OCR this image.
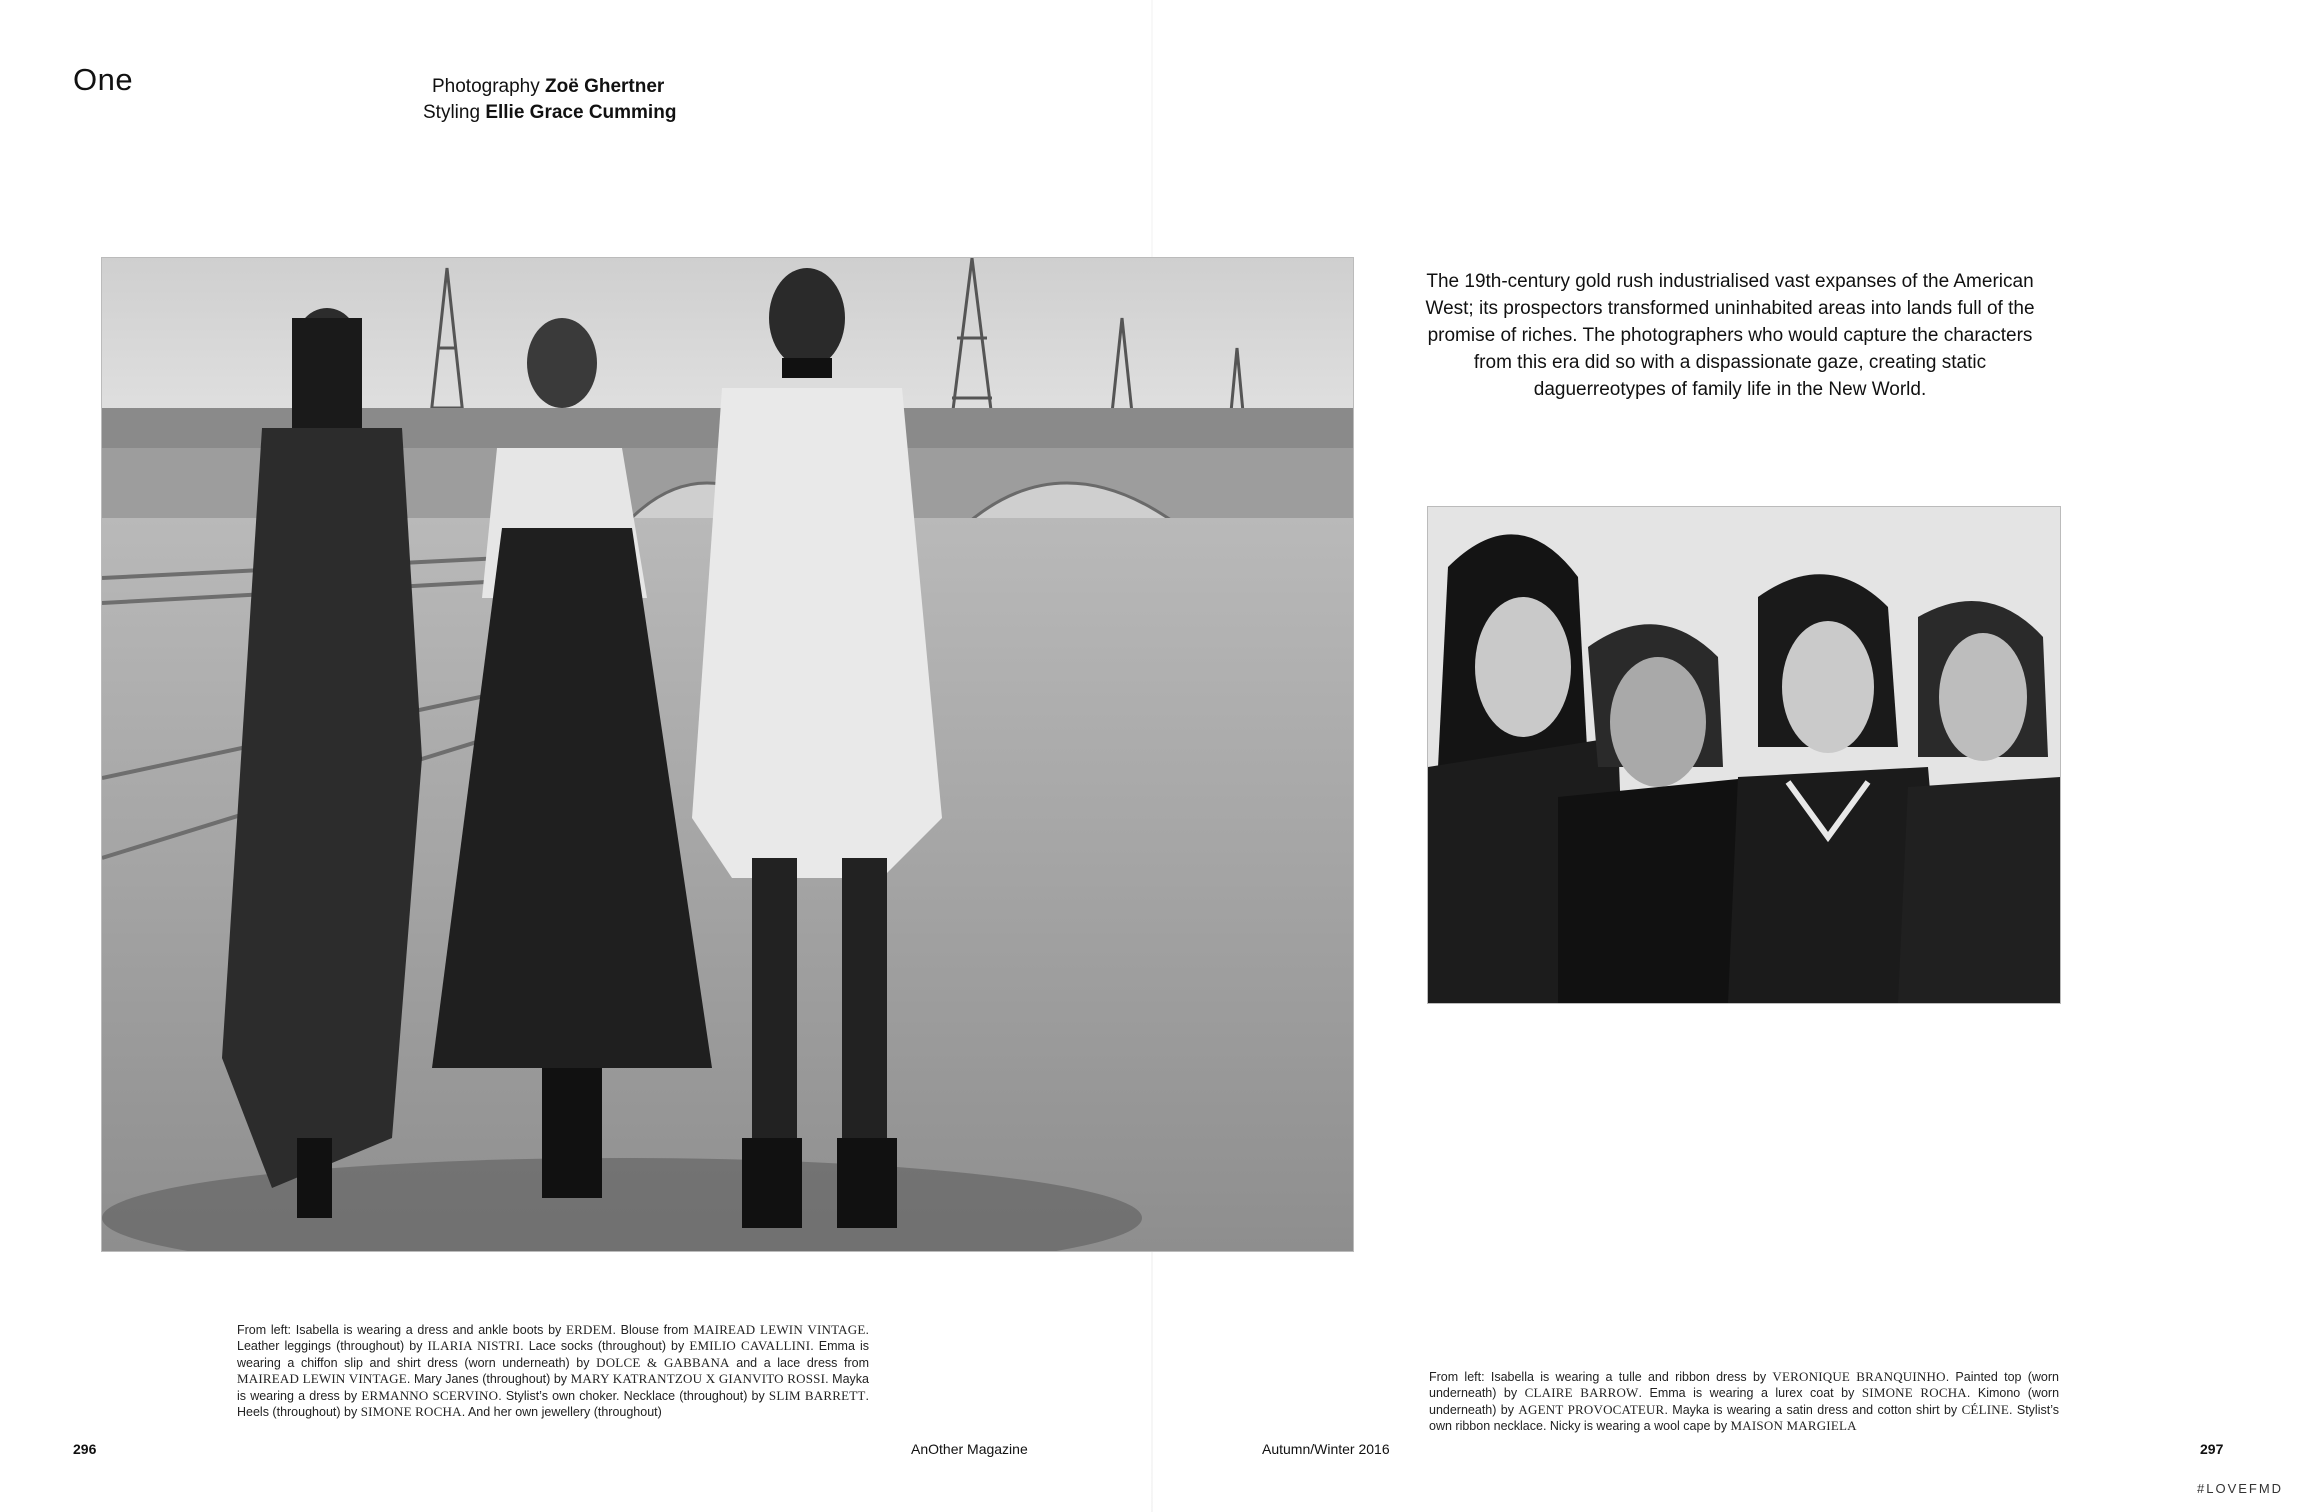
One	Photography Zoë Ghertner
Styling Ellie Grace Cumming
The 19th-century gold rush industrialised vast expanses of the American West; its prospectors transformed uninhabited areas into lands full of the promise of riches. The photographers who would capture the characters from this era did so with a dispassionate gaze, creating static daguerreotypes of family life in the New World.
From left: Isabella is wearing a dress and ankle boots by ERDEM. Blouse from MAIREAD LEWIN VINTAGE. Leather leggings (throughout) by ILARIA NISTRI. Lace socks (throughout) by EMILIO CAVALLINI. Emma is wearing a chiffon slip and shirt dress (worn underneath) by DOLCE & GABBANA and a lace dress from MAIREAD LEWIN VINTAGE. Mary Janes (throughout) by MARY KATRANTZOU X GIANVITO ROSSI. Mayka is wearing a dress by ERMANNO SCERVINO. Stylist’s own choker. Necklace (throughout) by SLIM BARRETT. Heels (throughout) by SIMONE ROCHA. And her own jewellery (throughout)
From left: Isabella is wearing a tulle and ribbon dress by VERONIQUE BRANQUINHO. Painted top (worn underneath) by CLAIRE BARROW. Emma is wearing a lurex coat by SIMONE ROCHA. Kimono (worn underneath) by AGENT PROVOCATEUR. Mayka is wearing a satin dress and cotton shirt by CÉLINE. Stylist’s own ribbon necklace. Nicky is wearing a wool cape by MAISON MARGIELA
296	AnOther Magazine	Autumn/Winter 2016	297
#LOVEFMD
